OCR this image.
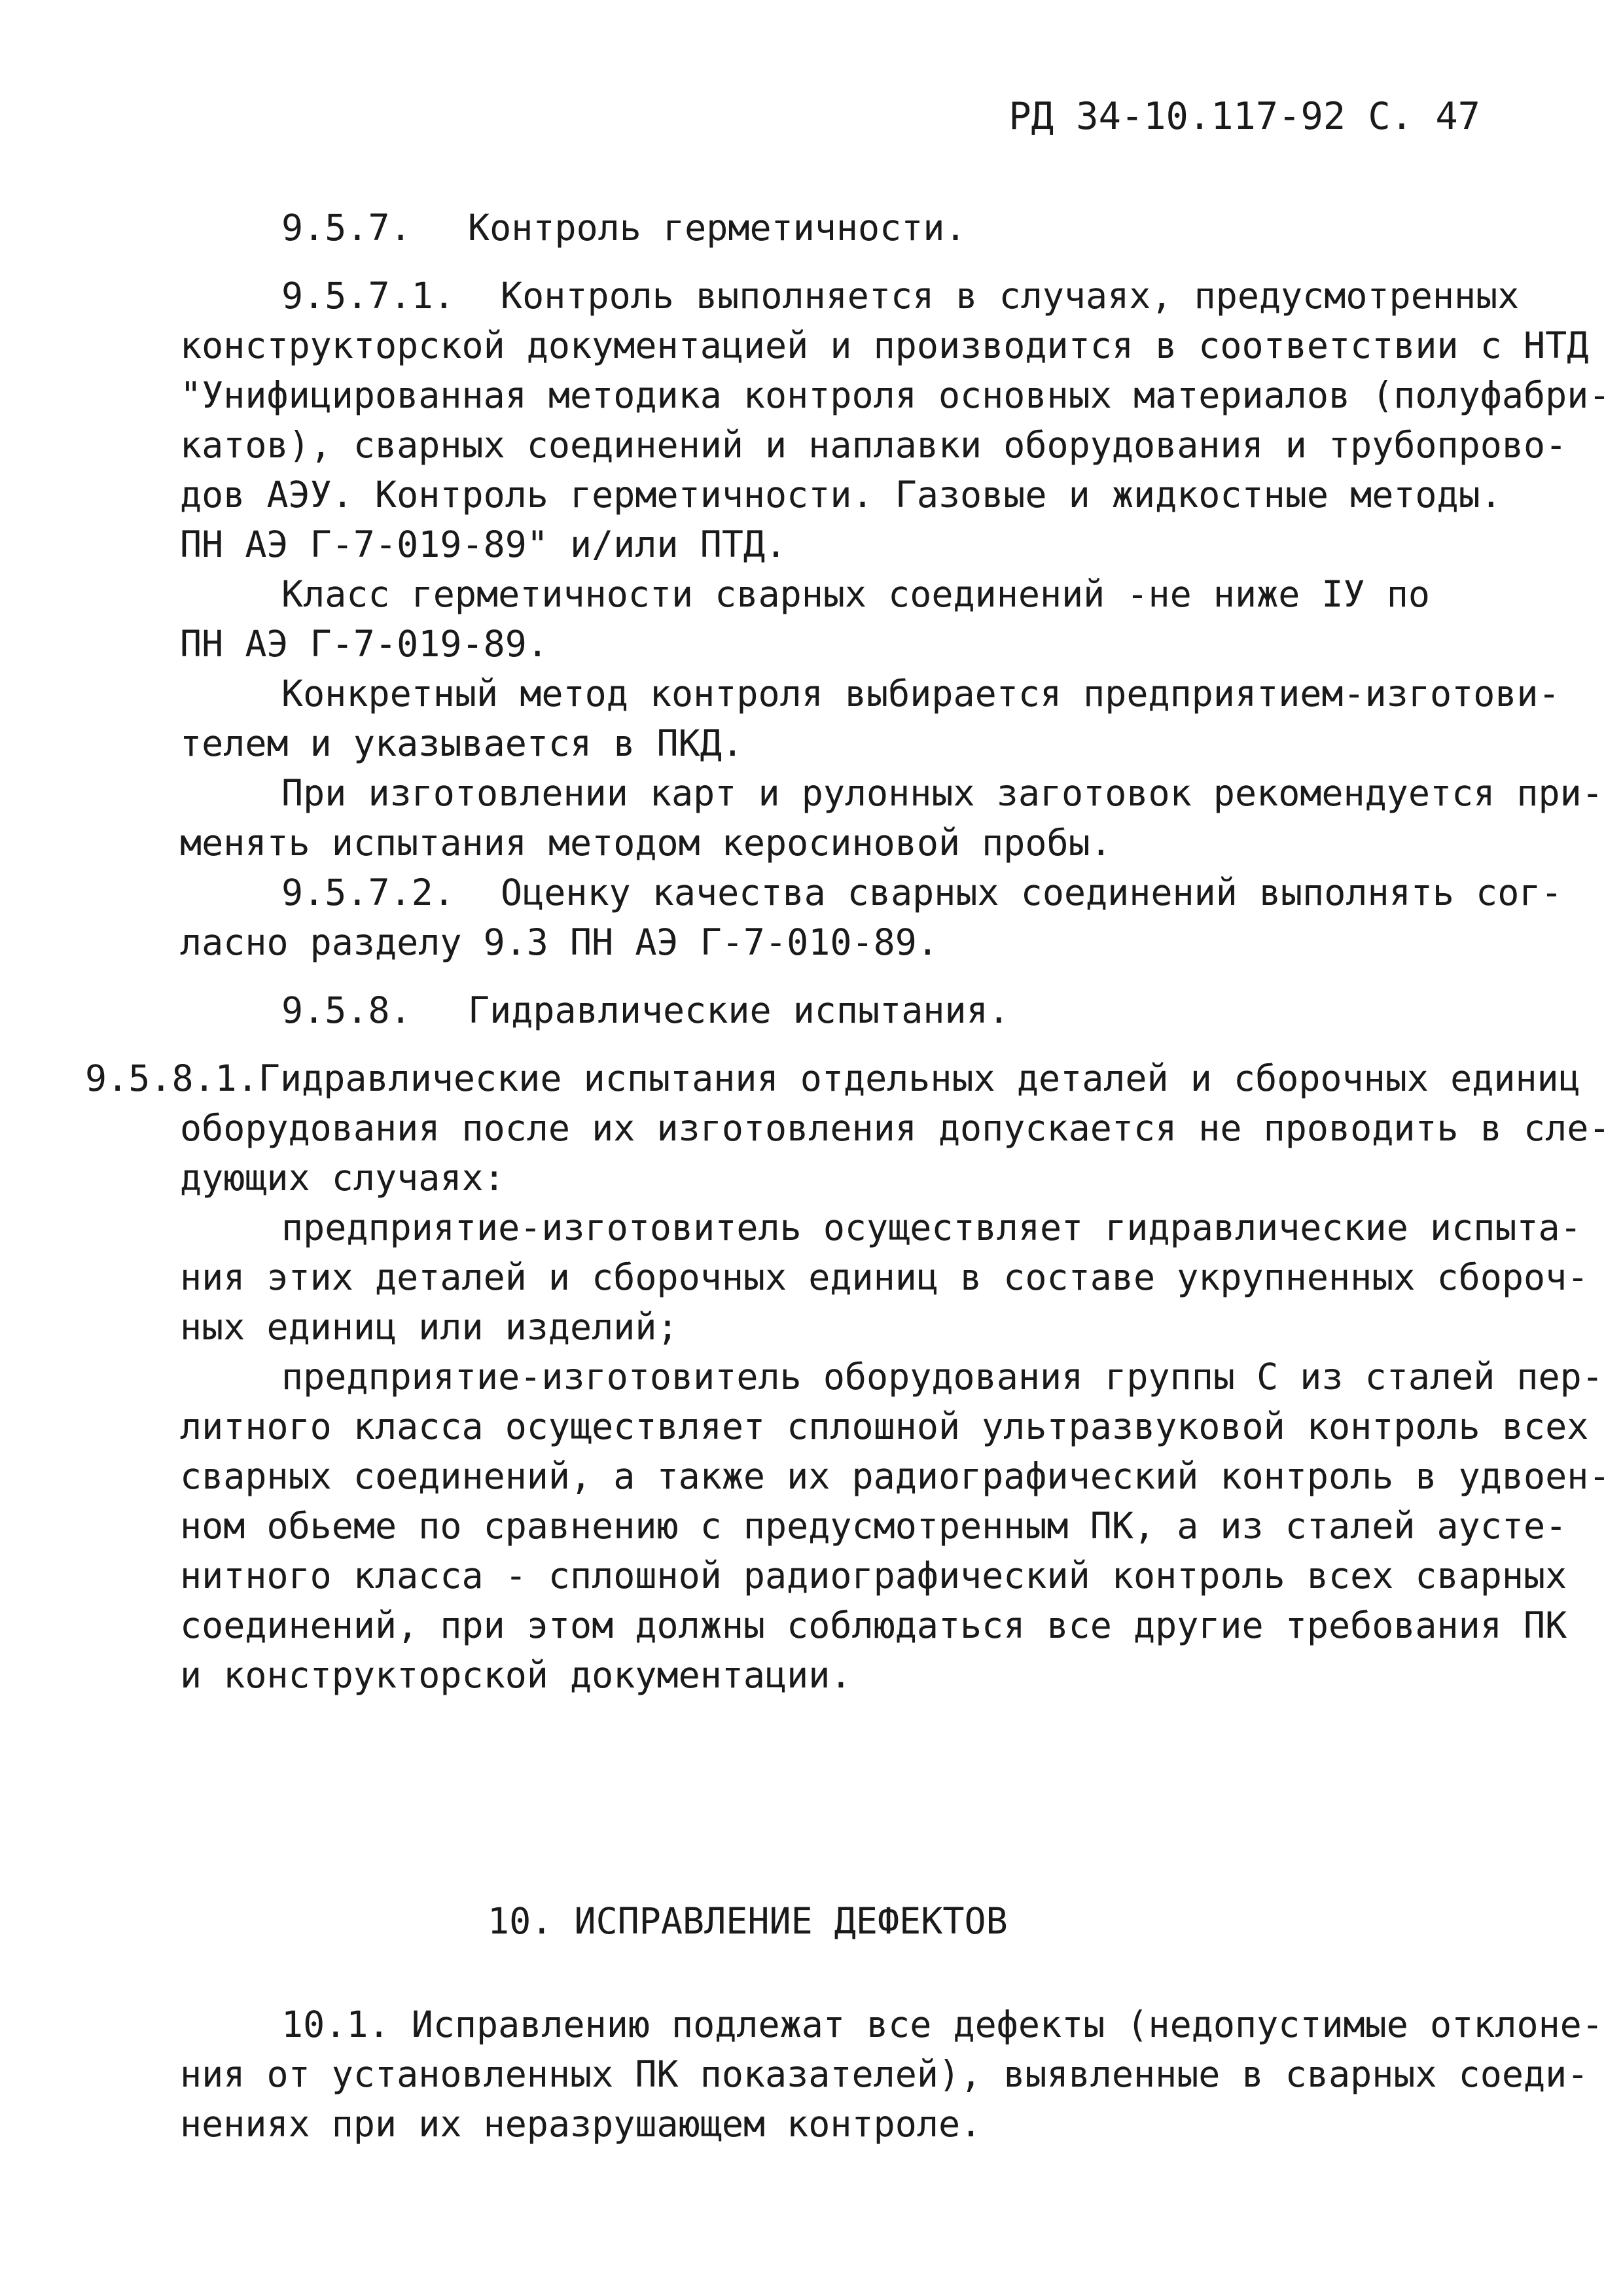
РД 34-10.117-92 С. 47
9.5.7. Контроль герметичности.
9.5.7.1. Контроль выполняется в случаях, предусмотренных
конструкторской документацией и производится в соответствии с НТД
"Унифицированная методика контроля основных материалов (полуфабри-
катов), сварных соединений и наплавки оборудования и трубопрово-
дов АЭУ. Контроль герметичности. Газовые и жидкостные методы.
ПН АЭ Г-7-019-89" и/или ПТД.
Класс герметичности сварных соединений -не ниже IУ по
ПН АЭ Г-7-019-89.
Конкретный метод контроля выбирается предприятием-изготови-
телем и указывается в ПКД.
При изготовлении карт и рулонных заготовок рекомендуется при-
менять испытания методом керосиновой пробы.
9.5.7.2. Оценку качества сварных соединений выполнять сог-
ласно разделу 9.3 ПН АЭ Г-7-010-89.
9.5.8. Гидравлические испытания.
9.5.8.1.Гидравлические испытания отдельных деталей и сборочных единиц
оборудования после их изготовления допускается не проводить в сле-
дующих случаях:
предприятие-изготовитель осуществляет гидравлические испыта-
ния этих деталей и сборочных единиц в составе укрупненных сбороч-
ных единиц или изделий;
предприятие-изготовитель оборудования группы С из сталей пер-
литного класса осуществляет сплошной ультразвуковой контроль всех
сварных соединений, а также их радиографический контроль в удвоен-
ном обьеме по сравнению с предусмотренным ПК, а из сталей аусте-
нитного класса - сплошной радиографический контроль всех сварных
соединений, при этом должны соблюдаться все другие требования ПК
и конструкторской документации.
10. ИСПРАВЛЕНИЕ ДЕФЕКТОВ
10.1. Исправлению подлежат все дефекты (недопустимые отклоне-
ния от установленных ПК показателей), выявленные в сварных соеди-
нениях при их неразрушающем контроле.
